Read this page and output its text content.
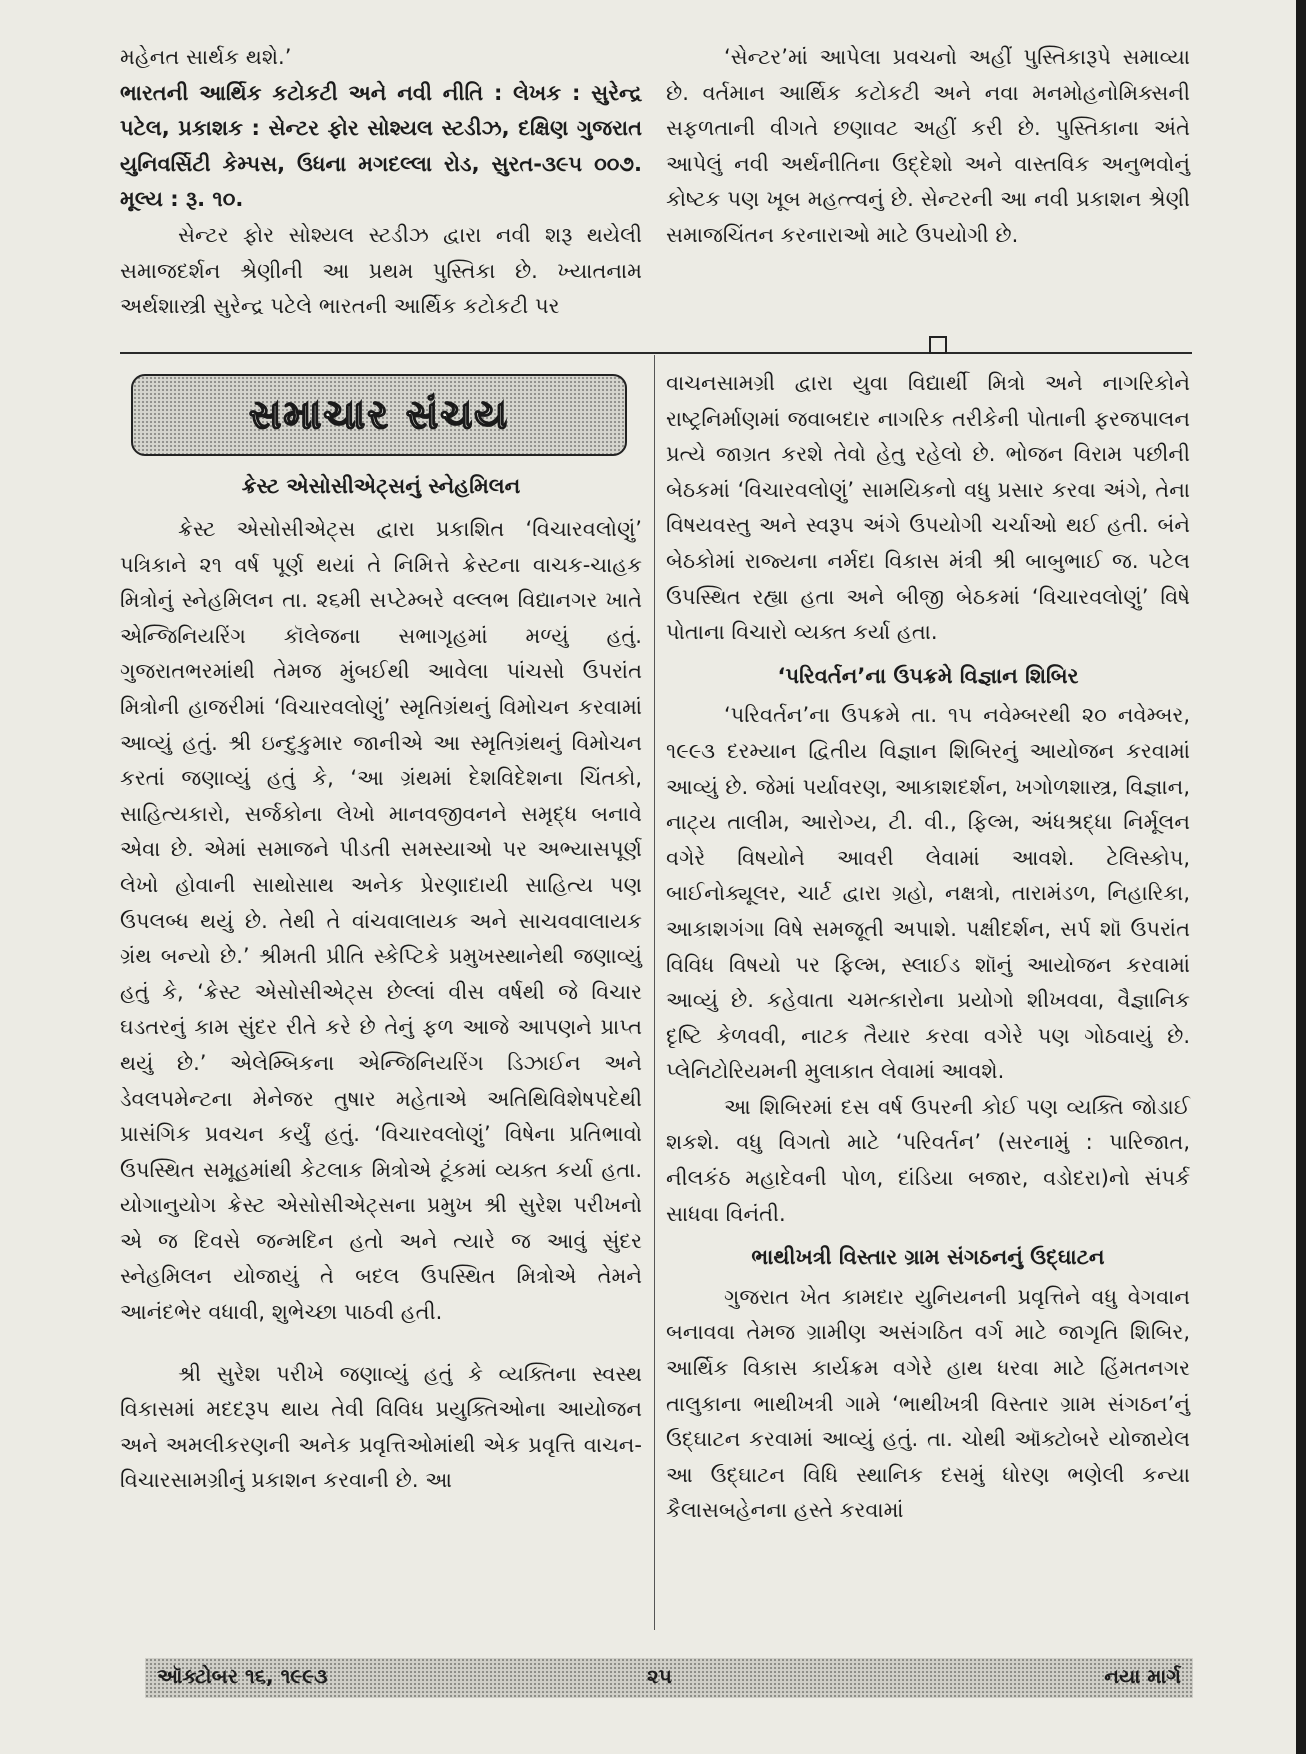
મહેનત સાર્થક થશે.’

ભારતની આર્થિક કટોકટી અને નવી નીતિ : લેખક : સુરેન્દ્ર પટેલ, પ્રકાશક : સેન્ટર ફોર સોશ્યલ સ્ટડીઝ, દક્ષિણ ગુજરાત યુનિવર્સિટી કેમ્પસ, ઉધના મગદલ્લા રોડ, સુરત-૩૯૫ ૦૦૭. મૂલ્ય : રૂ. ૧૦.

સેન્ટર ફોર સોશ્યલ સ્ટડીઝ દ્વારા નવી શરૂ થયેલી સમાજદર્શન શ્રેણીની આ પ્રથમ પુસ્તિકા છે. ખ્યાતનામ અર્થશાસ્ત્રી સુરેન્દ્ર પટેલે ભારતની આર્થિક કટોકટી પર

‘સેન્ટર’માં આપેલા પ્રવચનો અહીં પુસ્તિકારૂપે સમાવ્યા છે. વર્તમાન આર્થિક કટોકટી અને નવા મનમોહનોમિક્સની સફળતાની વીગતે છણાવટ અહીં કરી છે. પુસ્તિકાના અંતે આપેલું નવી અર્થનીતિના ઉદ્દેશો અને વાસ્તવિક અનુભવોનું કોષ્ટક પણ ખૂબ મહત્ત્વનું છે. સેન્ટરની આ નવી પ્રકાશન શ્રેણી સમાજચિંતન કરનારાઓ માટે ઉપયોગી છે.

સમાચાર સંચય
ક્રેસ્ટ એસોસીએટ્સનું સ્નેહમિલન

ક્રેસ્ટ એસોસીએટ્સ દ્વારા પ્રકાશિત ‘વિચારવલોણું’ પત્રિકાને ૨૧ વર્ષ પૂર્ણ થયાં તે નિમિત્તે ક્રેસ્ટના વાચક-ચાહક મિત્રોનું સ્નેહમિલન તા. ૨૬મી સપ્ટેમ્બરે વલ્લભ વિદ્યાનગર ખાતે એન્જિનિયરિંગ કૉલેજના સભાગૃહમાં મળ્યું હતું. ગુજરાતભરમાંથી તેમજ મુંબઈથી આવેલા પાંચસો ઉપરાંત મિત્રોની હાજરીમાં ‘વિચારવલોણું’ સ્મૃતિગ્રંથનું વિમોચન કરવામાં આવ્યું હતું. શ્રી ઇન્દુકુમાર જાનીએ આ સ્મૃતિગ્રંથનું વિમોચન કરતાં જણાવ્યું હતું કે, ‘આ ગ્રંથમાં દેશવિદેશના ચિંતકો, સાહિત્યકારો, સર્જકોના લેખો માનવજીવનને સમૃદ્ધ બનાવે એવા છે. એમાં સમાજને પીડતી સમસ્યાઓ પર અભ્યાસપૂર્ણ લેખો હોવાની સાથોસાથ અનેક પ્રેરણાદાયી સાહિત્ય પણ ઉપલબ્ધ થયું છે. તેથી તે વાંચવાલાયક અને સાચવવાલાયક ગ્રંથ બન્યો છે.’ શ્રીમતી પ્રીતિ સ્કેપ્ટિકે પ્રમુખસ્થાનેથી જણાવ્યું હતું કે, ‘ક્રેસ્ટ એસોસીએટ્સ છેલ્લાં વીસ વર્ષથી જે વિચાર ઘડતરનું કામ સુંદર રીતે કરે છે તેનું ફળ આજે આપણને પ્રાપ્ત થયું છે.’ એલેમ્બિકના એન્જિનિયરિંગ ડિઝાઈન અને ડેવલપમેન્ટના મેનેજર તુષાર મહેતાએ અતિથિવિશેષપદેથી પ્રાસંગિક પ્રવચન કર્યું હતું. ‘વિચારવલોણું’ વિષેના પ્રતિભાવો ઉપસ્થિત સમૂહમાંથી કેટલાક મિત્રોએ ટૂંકમાં વ્યક્ત કર્યા હતા. યોગાનુયોગ ક્રેસ્ટ એસોસીએટ્સના પ્રમુખ શ્રી સુરેશ પરીખનો એ જ દિવસે જન્મદિન હતો અને ત્યારે જ આવું સુંદર સ્નેહમિલન યોજાયું તે બદલ ઉપસ્થિત મિત્રોએ તેમને આનંદભેર વધાવી, શુભેચ્છા પાઠવી હતી.

શ્રી સુરેશ પરીખે જણાવ્યું હતું કે વ્યક્તિના સ્વસ્થ વિકાસમાં મદદરૂપ થાય તેવી વિવિધ પ્રયુક્તિઓના આયોજન અને અમલીકરણની અનેક પ્રવૃત્તિઓમાંથી એક પ્રવૃત્તિ વાચન-વિચારસામગ્રીનું પ્રકાશન કરવાની છે. આ

વાચનસામગ્રી દ્વારા યુવા વિદ્યાર્થી મિત્રો અને નાગરિકોને રાષ્ટ્રનિર્માણમાં જવાબદાર નાગરિક તરીકેની પોતાની ફરજપાલન પ્રત્યે જાગ્રત કરશે તેવો હેતુ રહેલો છે. ભોજન વિરામ પછીની બેઠકમાં ‘વિચારવલોણું’ સામયિકનો વધુ પ્રસાર કરવા અંગે, તેના વિષયવસ્તુ અને સ્વરૂપ અંગે ઉપયોગી ચર્ચાઓ થઈ હતી. બંને બેઠકોમાં રાજ્યના નર્મદા વિકાસ મંત્રી શ્રી બાબુભાઈ જ. પટેલ ઉપસ્થિત રહ્યા હતા અને બીજી બેઠકમાં ‘વિચારવલોણું’ વિષે પોતાના વિચારો વ્યક્ત કર્યા હતા.

‘પરિવર્તન’ના ઉપક્રમે વિજ્ઞાન શિબિર

‘પરિવર્તન’ના ઉપક્રમે તા. ૧૫ નવેમ્બરથી ૨૦ નવેમ્બર, ૧૯૯૩ દરમ્યાન દ્વિતીય વિજ્ઞાન શિબિરનું આયોજન કરવામાં આવ્યું છે. જેમાં પર્યાવરણ, આકાશદર્શન, ખગોળશાસ્ત્ર, વિજ્ઞાન, નાટ્ય તાલીમ, આરોગ્ય, ટી. વી., ફિલ્મ, અંધશ્રદ્ધા નિર્મૂલન વગેરે વિષયોને આવરી લેવામાં આવશે. ટેલિસ્કોપ, બાઈનોક્યૂલર, ચાર્ટ દ્વારા ગ્રહો, નક્ષત્રો, તારામંડળ, નિહારિકા, આકાશગંગા વિષે સમજૂતી અપાશે. પક્ષીદર્શન, સર્પ શૉ ઉપરાંત વિવિધ વિષયો પર ફિલ્મ, સ્લાઈડ શૉનું આયોજન કરવામાં આવ્યું છે. કહેવાતા ચમત્કારોના પ્રયોગો શીખવવા, વૈજ્ઞાનિક દૃષ્ટિ કેળવવી, નાટક તૈયાર કરવા વગેરે પણ ગોઠવાયું છે. પ્લેનિટોરિયમની મુલાકાત લેવામાં આવશે.

આ શિબિરમાં દસ વર્ષ ઉપરની કોઈ પણ વ્યક્તિ જોડાઈ શકશે. વધુ વિગતો માટે ‘પરિવર્તન’ (સરનામું : પારિજાત, નીલકંઠ મહાદેવની પોળ, દાંડિયા બજાર, વડોદરા)નો સંપર્ક સાધવા વિનંતી.

ભાથીખત્રી વિસ્તાર ગ્રામ સંગઠનનું ઉદ્ઘાટન

ગુજરાત ખેત કામદાર યુનિયનની પ્રવૃત્તિને વધુ વેગવાન બનાવવા તેમજ ગ્રામીણ અસંગઠિત વર્ગ માટે જાગૃતિ શિબિર, આર્થિક વિકાસ કાર્યક્રમ વગેરે હાથ ધરવા માટે હિંમતનગર તાલુકાના ભાથીખત્રી ગામે ‘ભાથીખત્રી વિસ્તાર ગ્રામ સંગઠન’નું ઉદ્ઘાટન કરવામાં આવ્યું હતું. તા. ચોથી ઑક્ટોબરે યોજાયેલ આ ઉદ્ઘાટન વિધિ સ્થાનિક દસમું ધોરણ ભણેલી કન્યા કૈલાસબહેનના હસ્તે કરવામાં

ઑક્ટોબર ૧૬, ૧૯૯૩	૨૫	નયા માર્ગ
